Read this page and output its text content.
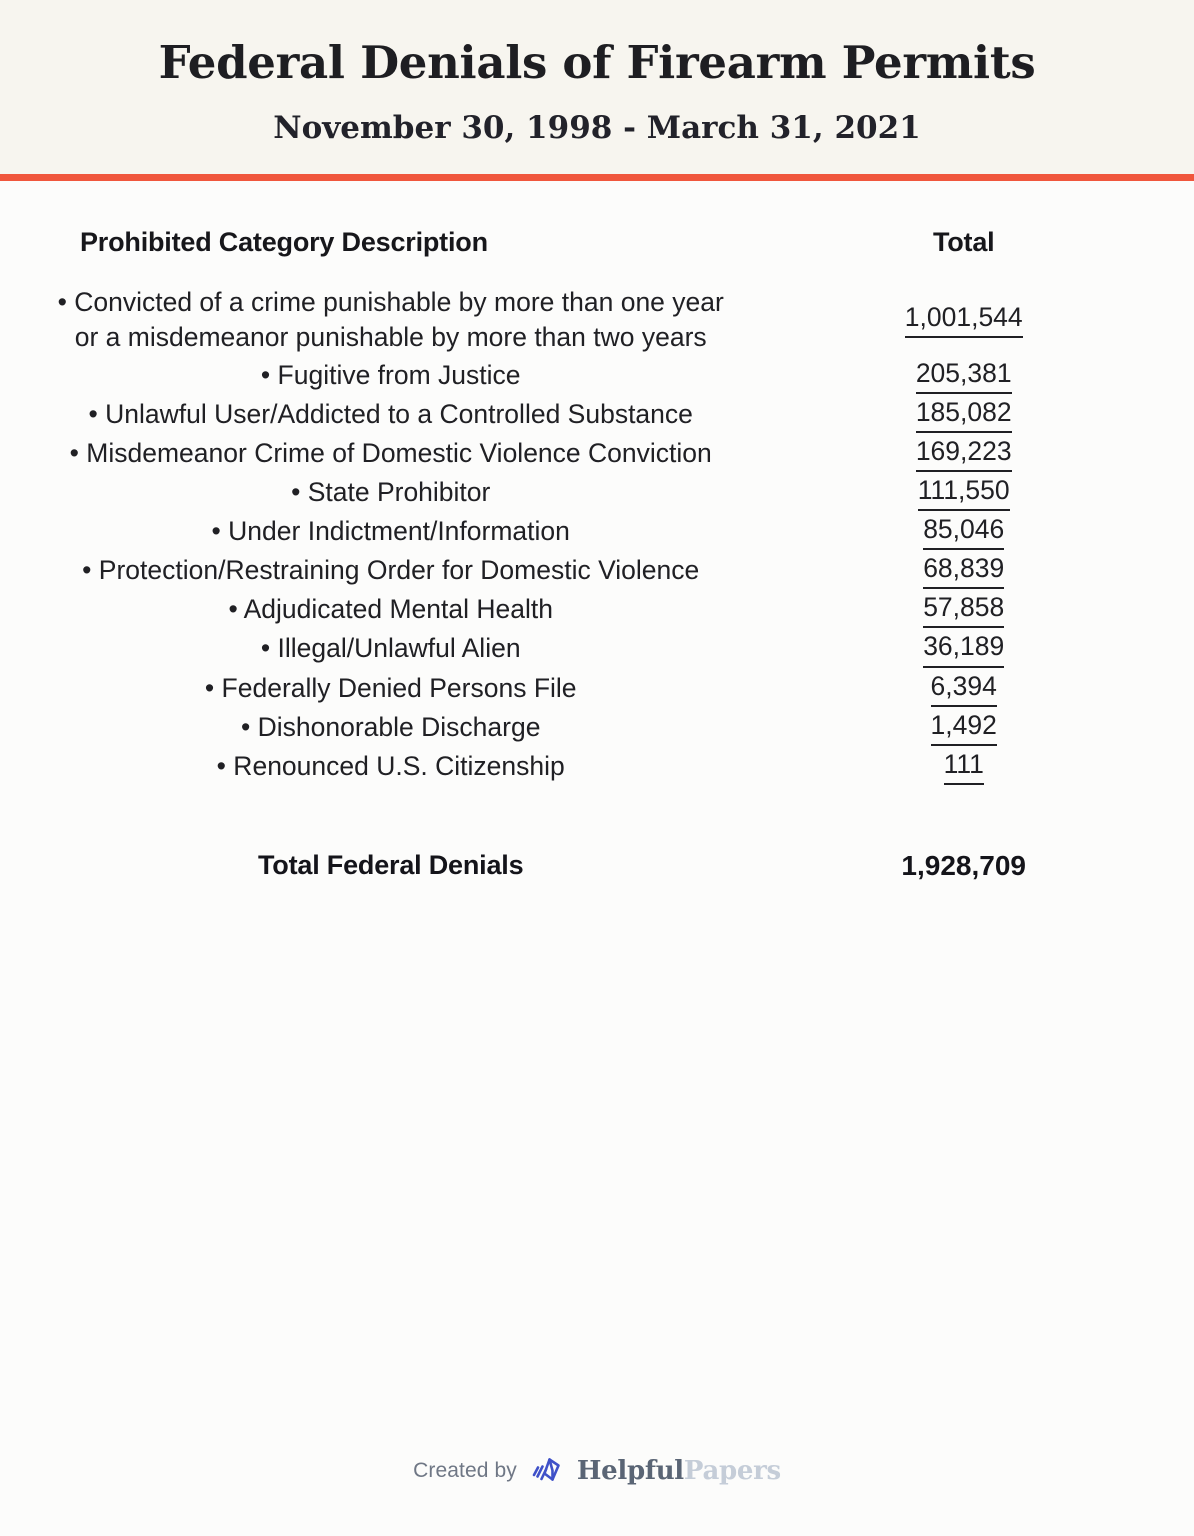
Federal Denials of Firearm Permits
November 30, 1998 - March 31, 2021
Prohibited Category Description	Total
• Convicted of a crime punishable by more than one year or a misdemeanor punishable by more than two years	1,001,544
• Fugitive from Justice	205,381
• Unlawful User/Addicted to a Controlled Substance	185,082
• Misdemeanor Crime of Domestic Violence Conviction	169,223
• State Prohibitor	111,550
• Under Indictment/Information	85,046
• Protection/Restraining Order for Domestic Violence	68,839
• Adjudicated Mental Health	57,858
• Illegal/Unlawful Alien	36,189
• Federally Denied Persons File	6,394
• Dishonorable Discharge	1,492
• Renounced U.S. Citizenship	111
Total Federal Denials	1,928,709
Created by HelpfulPapers
